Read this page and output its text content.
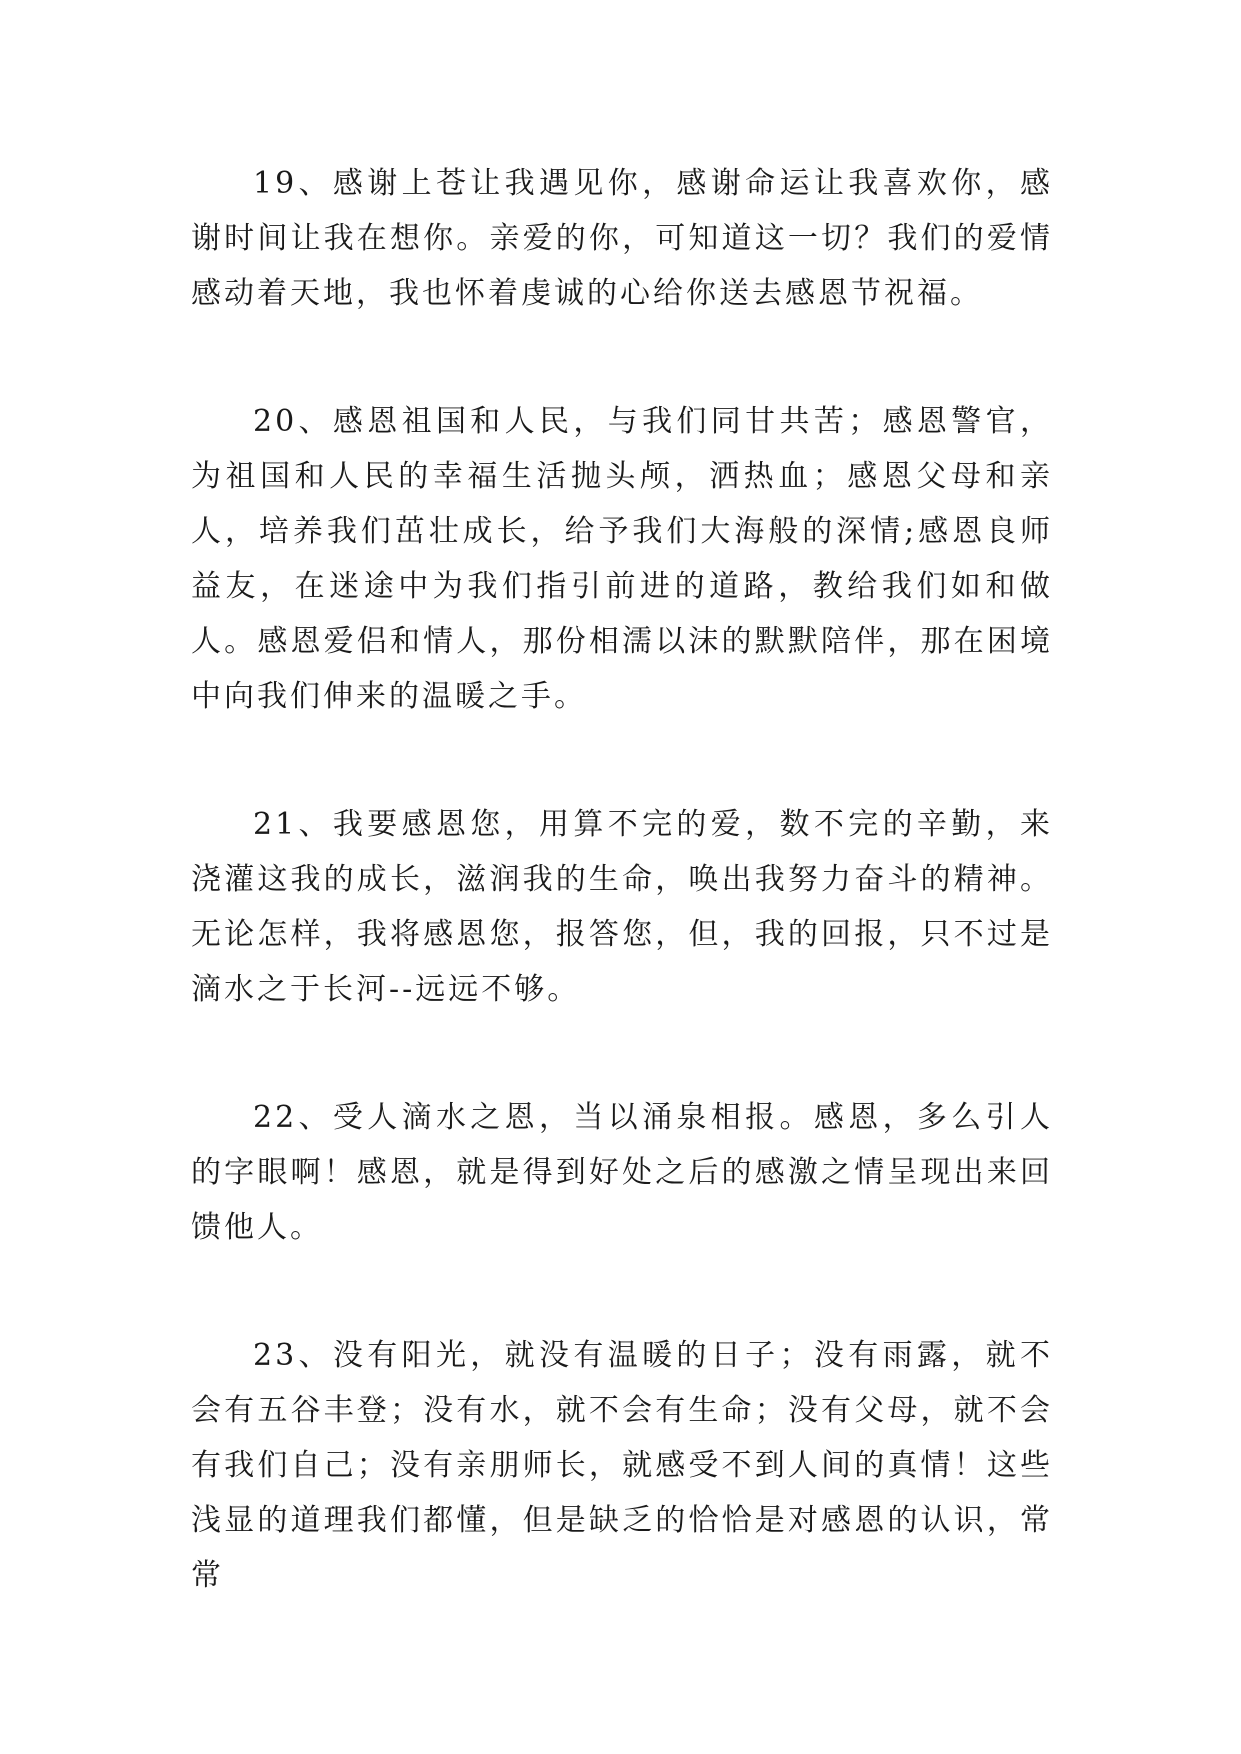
19、感谢上苍让我遇见你，感谢命运让我喜欢你，感谢时间让我在想你。亲爱的你，可知道这一切？我们的爱情感动着天地，我也怀着虔诚的心给你送去感恩节祝福。

20、感恩祖国和人民，与我们同甘共苦；感恩警官，为祖国和人民的幸福生活抛头颅，洒热血；感恩父母和亲人，培养我们茁壮成长，给予我们大海般的深情;感恩良师益友，在迷途中为我们指引前进的道路，教给我们如和做人。感恩爱侣和情人，那份相濡以沫的默默陪伴，那在困境中向我们伸来的温暖之手。

21、我要感恩您，用算不完的爱，数不完的辛勤，来浇灌这我的成长，滋润我的生命，唤出我努力奋斗的精神。无论怎样，我将感恩您，报答您，但，我的回报，只不过是滴水之于长河--远远不够。

22、受人滴水之恩，当以涌泉相报。感恩，多么引人的字眼啊！感恩，就是得到好处之后的感激之情呈现出来回馈他人。

23、没有阳光，就没有温暖的日子；没有雨露，就不会有五谷丰登；没有水，就不会有生命；没有父母，就不会有我们自己；没有亲朋师长，就感受不到人间的真情！这些浅显的道理我们都懂，但是缺乏的恰恰是对感恩的认识，常常
